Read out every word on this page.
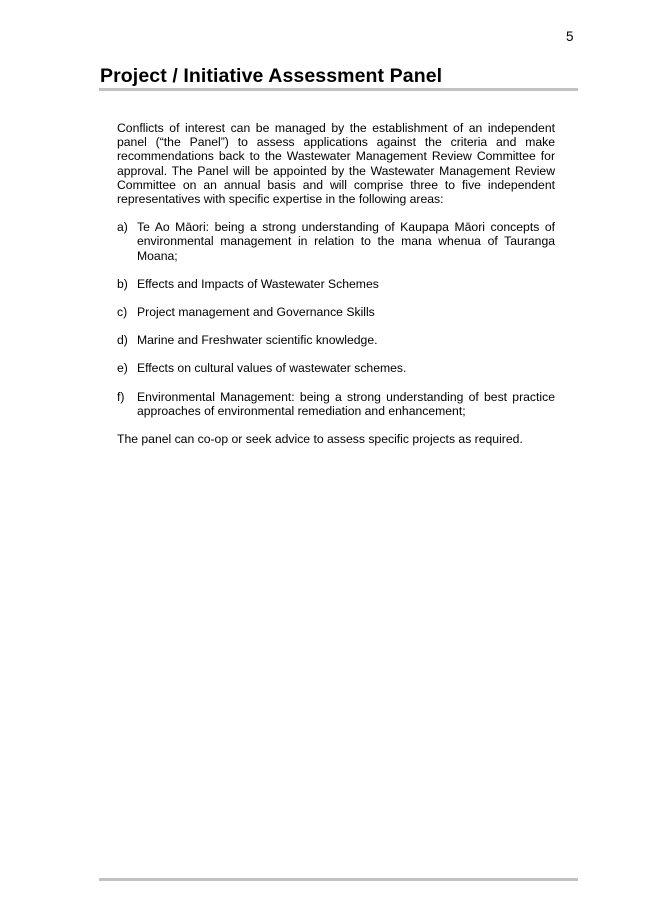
5
Project / Initiative Assessment Panel

Conflicts of interest can be managed by the establishment of an independent panel (“the Panel”) to assess applications against the criteria and make recommendations back to the Wastewater Management Review Committee for approval. The Panel will be appointed by the Wastewater Management Review Committee on an annual basis and will comprise three to five independent representatives with specific expertise in the following areas:

a) Te Ao Māori: being a strong understanding of Kaupapa Māori concepts of environmental management in relation to the mana whenua of Tauranga Moana;
b) Effects and Impacts of Wastewater Schemes
c) Project management and Governance Skills
d) Marine and Freshwater scientific knowledge.
e) Effects on cultural values of wastewater schemes.
f)	Environmental Management: being a strong understanding of best practice approaches of environmental remediation and enhancement;

The panel can co-op or seek advice to assess specific projects as required.
